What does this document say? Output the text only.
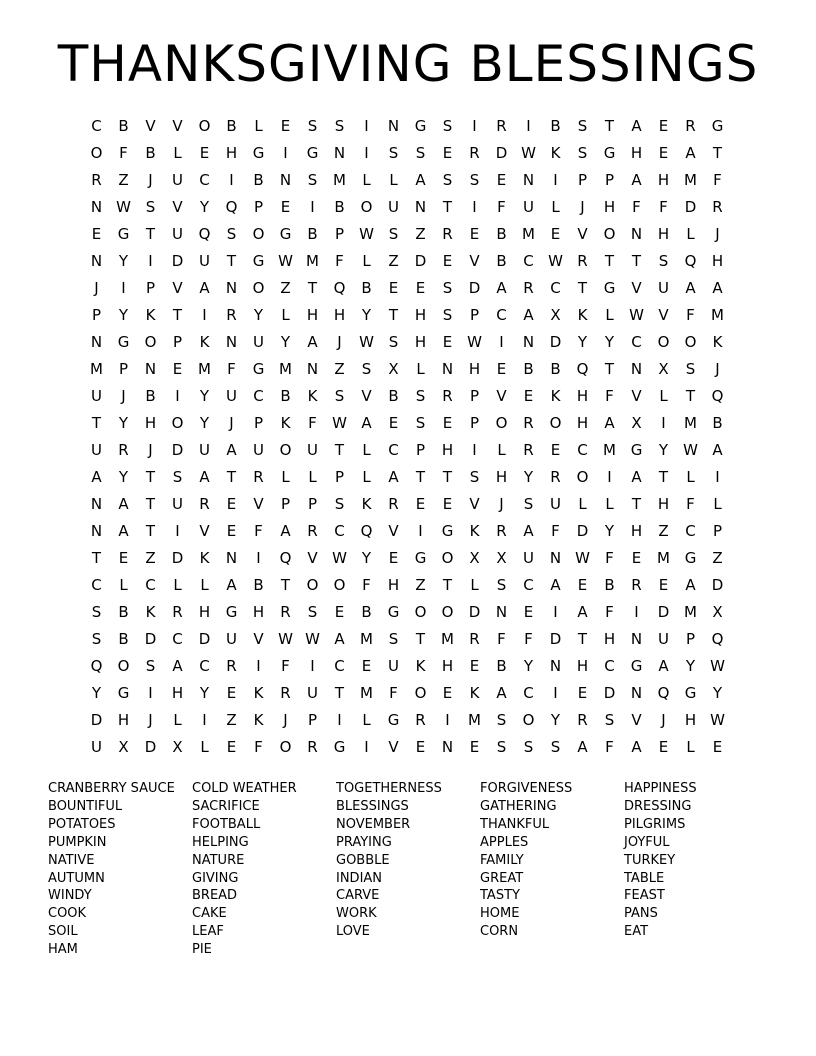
THANKSGIVING BLESSINGS
C	B	V	V	O	B	L	E	S	S	I	N	G	S	I	R	I	B	S	T	A	E	R	G
O	F	B	L	E	H	G	I	G	N	I	S	S	E	R	D W K	S	G	H	E	A	T
R	Z	J	U	C	I	B	N	S	M	L	L	A	S	S	E	N	I	P	P	A	H M	F
N W S	V	Y	Q	P	E	I	B	O	U	N	T	I	F	U	L	J	H	F	F	D	R
E	G	T	U	Q	S	O	G	B	P	W S	Z	R	E	B	M	E	V	O	N	H	L	J
N	Y	I	D	U	T	G W M	F	L	Z	D	E	V	B	C W R	T	T	S	Q	H
J	I	P	V	A	N	O	Z	T	Q	B	E	E	S	D	A	R	C	T	G	V	U	A	A
P	Y	K	T	I	R	Y	L	H	H	Y	T	H	S	P	C	A	X	K	L	W V	F	M
N	G	O	P	K	N	U	Y	A	J	W S	H	E W	I	N	D	Y	Y	C	O	O	K
M	P	N	E	M	F	G M N	Z	S	X	L	N	H	E	B	B	Q	T	N	X	S	J
U	J	B	I	Y	U	C	B	K	S	V	B	S	R	P	V	E	K	H	F	V	L	T	Q
T	Y	H	O	Y	J	P	K	F	W A	E	S	E	P	O	R	O	H	A	X	I	M	B
U	R	J	D	U	A	U	O	U	T	L	C	P	H	I	L	R	E	C	M G	Y	W A
A	Y	T	S	A	T	R	L	L	P	L	A	T	T	S	H	Y	R	O	I	A	T	L	I
N	A	T	U	R	E	V	P	P	S	K	R	E	E	V	J	S	U	L	L	T	H	F	L
N	A	T	I	V	E	F	A	R	C	Q	V	I	G	K	R	A	F	D	Y	H	Z	C	P
T	E	Z	D	K	N	I	Q	V W Y	E	G	O	X	X	U	N W	F	E	M G	Z
C	L	C	L	L	A	B	T	O	O	F	H	Z	T	L	S	C	A	E	B	R	E	A	D
S	B	K	R	H	G	H	R	S	E	B	G	O	O	D	N	E	I	A	F	I	D M	X
S	B	D	C	D	U	V W W A	M	S	T	M	R	F	F	D	T	H	N	U	P	Q
Q	O	S	A	C	R	I	F	I	C	E	U	K	H	E	B	Y	N	H	C	G	A	Y	W
Y	G	I	H	Y	E	K	R	U	T	M	F	O	E	K	A	C	I	E	D	N	Q	G	Y
D	H	J	L	I	Z	K	J	P	I	L	G	R	I	M	S	O	Y	R	S	V	J	H W
U	X	D	X	L	E	F	O	R	G	I	V	E	N	E	S	S	S	A	F	A	E	L	E
CRANBERRY SAUCE
BOUNTIFUL
POTATOES
PUMPKIN
NATIVE
AUTUMN
WINDY
COOK
SOIL
HAM
COLD WEATHER
SACRIFICE
FOOTBALL
HELPING
NATURE
GIVING
BREAD
CAKE
LEAF
PIE
TOGETHERNESS
BLESSINGS
NOVEMBER
PRAYING
GOBBLE
INDIAN
CARVE
WORK
LOVE
FORGIVENESS
GATHERING
THANKFUL
APPLES
FAMILY
GREAT
TASTY
HOME
CORN
HAPPINESS
DRESSING
PILGRIMS
JOYFUL
TURKEY
TABLE
FEAST
PANS
EAT
